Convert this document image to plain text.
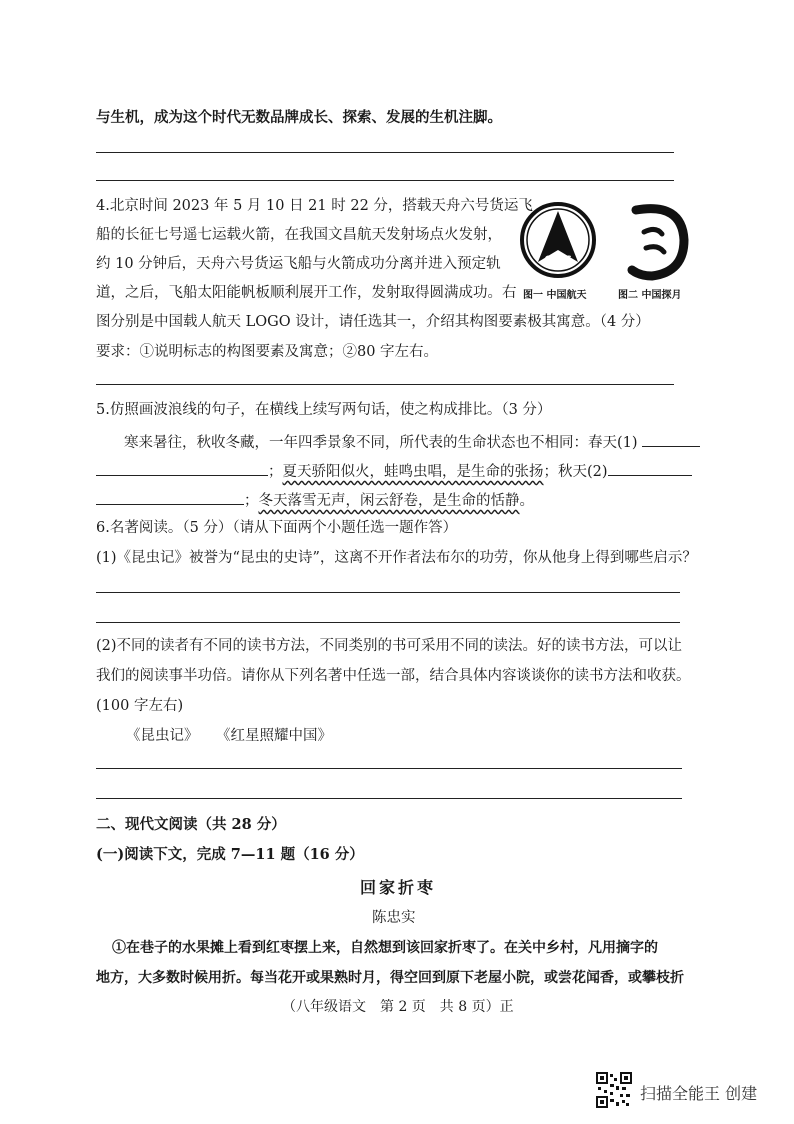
与生机，成为这个时代无数品牌成长、探索、发展的生机注脚。
4.北京时间 2023 年 5 月 10 日 21 时 22 分，搭载天舟六号货运飞
船的长征七号遥七运载火箭，在我国文昌航天发射场点火发射，
约 10 分钟后，天舟六号货运飞船与火箭成功分离并进入预定轨
道，之后，飞船太阳能帆板顺利展开工作，发射取得圆满成功。右
图分别是中国载人航天 LOGO 设计，请任选其一，介绍其构图要素极其寓意。（4 分）
要求：①说明标志的构图要素及寓意；②80 字左右。
CASC
图一 中国航天	图二 中国探月
5.仿照画波浪线的句子，在横线上续写两句话，使之构成排比。（3 分）
寒来暑往，秋收冬藏，一年四季景象不同，所代表的生命状态也不相同：春天(1)
；夏天骄阳似火，蛙鸣虫唱，是生命的张扬；秋天(2)
；冬天落雪无声，闲云舒卷，是生命的恬静。
6.名著阅读。（5 分）（请从下面两个小题任选一题作答）
(1)《昆虫记》被誉为“昆虫的史诗”，这离不开作者法布尔的功劳，你从他身上得到哪些启示？
(2)不同的读者有不同的读书方法，不同类别的书可采用不同的读法。好的读书方法，可以让
我们的阅读事半功倍。请你从下列名著中任选一部，结合具体内容谈谈你的读书方法和收获。
(100 字左右)
《昆虫记》 《红星照耀中国》
二、现代文阅读（共 28 分）
(一)阅读下文，完成 7—11 题（16 分）
回家折枣
陈忠实
①在巷子的水果摊上看到红枣摆上来，自然想到该回家折枣了。在关中乡村，凡用摘字的
地方，大多数时候用折。每当花开或果熟时月，得空回到原下老屋小院，或尝花闻香，或攀枝折
（八年级语文　第 2 页　共 8 页）正
扫描全能王 创建
